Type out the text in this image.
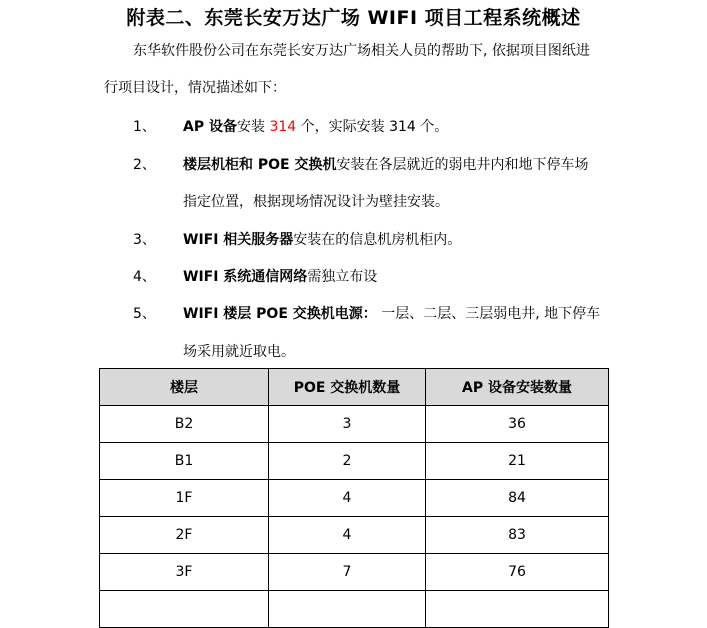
附表二、东莞长安万达广场 WIFI 项目工程系统概述
东华软件股份公司在东莞长安万达广场相关人员的帮助下, 依据项目图纸进
行项目设计，情况描述如下：
1、 AP 设备安装 314 个，实际安装 314 个。
2、 楼层机柜和 POE 交换机安装在各层就近的弱电井内和地下停车场
指定位置，根据现场情况设计为壁挂安装。
3、 WIFI 相关服务器安装在的信息机房机柜内。
4、 WIFI 系统通信网络需独立布设
5、 WIFI 楼层 POE 交换机电源： 一层、二层、三层弱电井, 地下停车
场采用就近取电。
楼层	POE 交换机数量	AP 设备安装数量
B2	3	36
B1	2	21
1F	4	84
2F	4	83
3F	7	76
